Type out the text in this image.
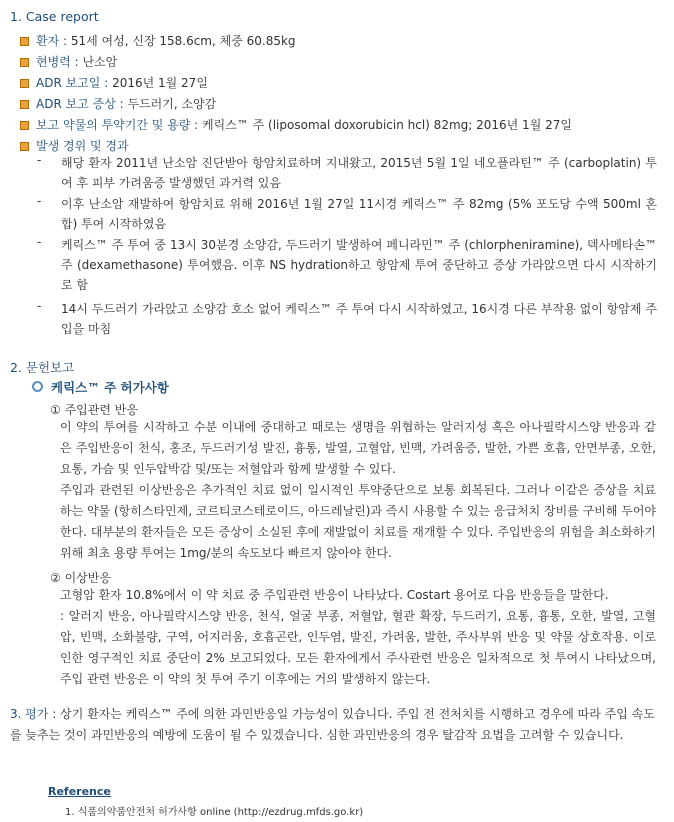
1. Case report
환자 : 51세 여성, 신장 158.6cm, 체중 60.85kg
현병력 : 난소암
ADR 보고일 : 2016년 1월 27일
ADR 보고 증상 : 두드러기, 소양감
보고 약물의 투약기간 및 용량 : 케릭스™ 주 (liposomal doxorubicin hcl) 82mg; 2016년 1월 27일
발생 경위 및 경과
- 해당 환자 2011년 난소암 진단받아 항암치료하며 지내왔고, 2015년 5월 1일 네오플라틴™ 주 (carboplatin) 투여 후 피부 가려움증 발생했던 과거력 있음
- 이후 난소암 재발하여 항암치료 위해 2016년 1월 27일 11시경 케릭스™ 주 82mg (5% 포도당 수액 500ml 혼합) 투여 시작하였음
- 케릭스™ 주 투여 중 13시 30분경 소양감, 두드러기 발생하여 페니라민™ 주 (chlorpheniramine), 덱사메타손™ 주 (dexamethasone) 투여했음. 이후 NS hydration하고 항암제 투여 중단하고 증상 가라앉으면 다시 시작하기로 함
- 14시 두드러기 가라앉고 소양감 호소 없어 케릭스™ 주 투여 다시 시작하였고, 16시경 다른 부작용 없이 항암제 주입을 마침
2. 문헌보고
케릭스™ 주 허가사항
① 주입관련 반응
이 약의 투여를 시작하고 수분 이내에 중대하고 때로는 생명을 위협하는 알러지성 혹은 아나필락시스양 반응과 같은 주입반응이 천식, 홍조, 두드러기성 발진, 흉통, 발열, 고혈압, 빈맥, 가려움증, 발한, 가쁜 호흡, 안면부종, 오한, 요통, 가슴 및 인두압박감 및/또는 저혈압과 함께 발생할 수 있다.
주입과 관련된 이상반응은 추가적인 치료 없이 일시적인 투약중단으로 보통 회복된다. 그러나 이같은 증상을 치료하는 약물 (항히스타민제, 코르티코스테로이드, 아드레날린)과 즉시 사용할 수 있는 응급처치 장비를 구비해 두어야 한다. 대부분의 환자들은 모든 증상이 소실된 후에 재발없이 치료를 재개할 수 있다. 주입반응의 위험을 최소화하기 위해 최초 용량 투여는 1mg/분의 속도보다 빠르지 않아야 한다.
② 이상반응
고형암 환자 10.8%에서 이 약 치료 중 주입관련 반응이 나타났다. Costart 용어로 다음 반응들을 말한다.
: 알러지 반응, 아나필락시스양 반응, 천식, 얼굴 부종, 저혈압, 혈관 확장, 두드러기, 요통, 흉통, 오한, 발열, 고혈압, 빈맥, 소화불량, 구역, 어지러움, 호흡곤란, 인두염, 발진, 가려움, 발한, 주사부위 반응 및 약물 상호작용. 이로 인한 영구적인 치료 중단이 2% 보고되었다. 모든 환자에게서 주사관련 반응은 일차적으로 첫 투여시 나타났으며, 주입 관련 반응은 이 약의 첫 투여 주기 이후에는 거의 발생하지 않는다.
3. 평가 : 상기 환자는 케릭스™ 주에 의한 과민반응일 가능성이 있습니다. 주입 전 전처치를 시행하고 경우에 따라 주입 속도를 늦추는 것이 과민반응의 예방에 도움이 될 수 있겠습니다. 심한 과민반응의 경우 탈감작 요법을 고려할 수 있습니다.
Reference
1. 식품의약품안전처 허가사항 online (http://ezdrug.mfds.go.kr)
